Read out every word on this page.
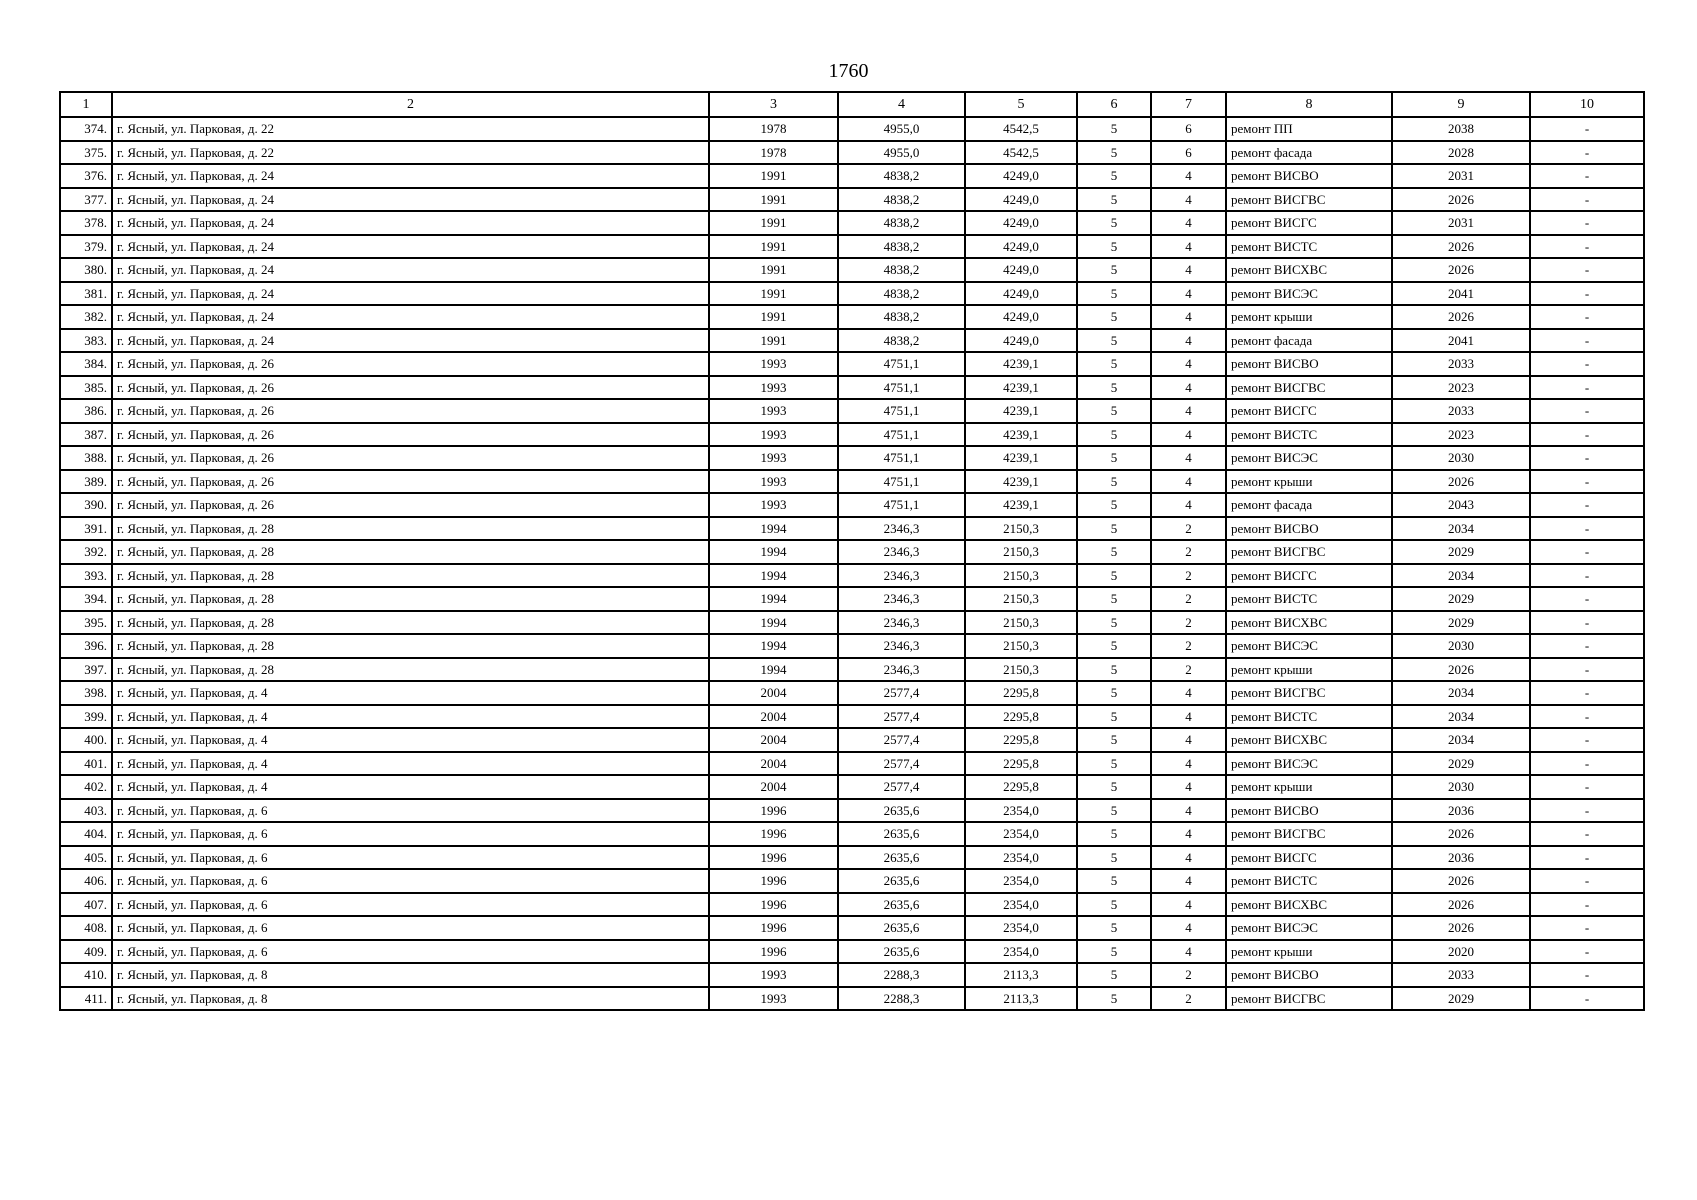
1760
1	2	3	4	5	6	7	8	9	10
374.	г. Ясный, ул. Парковая, д. 22	1978	4955,0	4542,5	5	6	ремонт ПП	2038	-
375.	г. Ясный, ул. Парковая, д. 22	1978	4955,0	4542,5	5	6	ремонт фасада	2028	-
376.	г. Ясный, ул. Парковая, д. 24	1991	4838,2	4249,0	5	4	ремонт ВИСВО	2031	-
377.	г. Ясный, ул. Парковая, д. 24	1991	4838,2	4249,0	5	4	ремонт ВИСГВС	2026	-
378.	г. Ясный, ул. Парковая, д. 24	1991	4838,2	4249,0	5	4	ремонт ВИСГС	2031	-
379.	г. Ясный, ул. Парковая, д. 24	1991	4838,2	4249,0	5	4	ремонт ВИСТС	2026	-
380.	г. Ясный, ул. Парковая, д. 24	1991	4838,2	4249,0	5	4	ремонт ВИСХВС	2026	-
381.	г. Ясный, ул. Парковая, д. 24	1991	4838,2	4249,0	5	4	ремонт ВИСЭС	2041	-
382.	г. Ясный, ул. Парковая, д. 24	1991	4838,2	4249,0	5	4	ремонт крыши	2026	-
383.	г. Ясный, ул. Парковая, д. 24	1991	4838,2	4249,0	5	4	ремонт фасада	2041	-
384.	г. Ясный, ул. Парковая, д. 26	1993	4751,1	4239,1	5	4	ремонт ВИСВО	2033	-
385.	г. Ясный, ул. Парковая, д. 26	1993	4751,1	4239,1	5	4	ремонт ВИСГВС	2023	-
386.	г. Ясный, ул. Парковая, д. 26	1993	4751,1	4239,1	5	4	ремонт ВИСГС	2033	-
387.	г. Ясный, ул. Парковая, д. 26	1993	4751,1	4239,1	5	4	ремонт ВИСТС	2023	-
388.	г. Ясный, ул. Парковая, д. 26	1993	4751,1	4239,1	5	4	ремонт ВИСЭС	2030	-
389.	г. Ясный, ул. Парковая, д. 26	1993	4751,1	4239,1	5	4	ремонт крыши	2026	-
390.	г. Ясный, ул. Парковая, д. 26	1993	4751,1	4239,1	5	4	ремонт фасада	2043	-
391.	г. Ясный, ул. Парковая, д. 28	1994	2346,3	2150,3	5	2	ремонт ВИСВО	2034	-
392.	г. Ясный, ул. Парковая, д. 28	1994	2346,3	2150,3	5	2	ремонт ВИСГВС	2029	-
393.	г. Ясный, ул. Парковая, д. 28	1994	2346,3	2150,3	5	2	ремонт ВИСГС	2034	-
394.	г. Ясный, ул. Парковая, д. 28	1994	2346,3	2150,3	5	2	ремонт ВИСТС	2029	-
395.	г. Ясный, ул. Парковая, д. 28	1994	2346,3	2150,3	5	2	ремонт ВИСХВС	2029	-
396.	г. Ясный, ул. Парковая, д. 28	1994	2346,3	2150,3	5	2	ремонт ВИСЭС	2030	-
397.	г. Ясный, ул. Парковая, д. 28	1994	2346,3	2150,3	5	2	ремонт крыши	2026	-
398.	г. Ясный, ул. Парковая, д. 4	2004	2577,4	2295,8	5	4	ремонт ВИСГВС	2034	-
399.	г. Ясный, ул. Парковая, д. 4	2004	2577,4	2295,8	5	4	ремонт ВИСТС	2034	-
400.	г. Ясный, ул. Парковая, д. 4	2004	2577,4	2295,8	5	4	ремонт ВИСХВС	2034	-
401.	г. Ясный, ул. Парковая, д. 4	2004	2577,4	2295,8	5	4	ремонт ВИСЭС	2029	-
402.	г. Ясный, ул. Парковая, д. 4	2004	2577,4	2295,8	5	4	ремонт крыши	2030	-
403.	г. Ясный, ул. Парковая, д. 6	1996	2635,6	2354,0	5	4	ремонт ВИСВО	2036	-
404.	г. Ясный, ул. Парковая, д. 6	1996	2635,6	2354,0	5	4	ремонт ВИСГВС	2026	-
405.	г. Ясный, ул. Парковая, д. 6	1996	2635,6	2354,0	5	4	ремонт ВИСГС	2036	-
406.	г. Ясный, ул. Парковая, д. 6	1996	2635,6	2354,0	5	4	ремонт ВИСТС	2026	-
407.	г. Ясный, ул. Парковая, д. 6	1996	2635,6	2354,0	5	4	ремонт ВИСХВС	2026	-
408.	г. Ясный, ул. Парковая, д. 6	1996	2635,6	2354,0	5	4	ремонт ВИСЭС	2026	-
409.	г. Ясный, ул. Парковая, д. 6	1996	2635,6	2354,0	5	4	ремонт крыши	2020	-
410.	г. Ясный, ул. Парковая, д. 8	1993	2288,3	2113,3	5	2	ремонт ВИСВО	2033	-
411.	г. Ясный, ул. Парковая, д. 8	1993	2288,3	2113,3	5	2	ремонт ВИСГВС	2029	-
